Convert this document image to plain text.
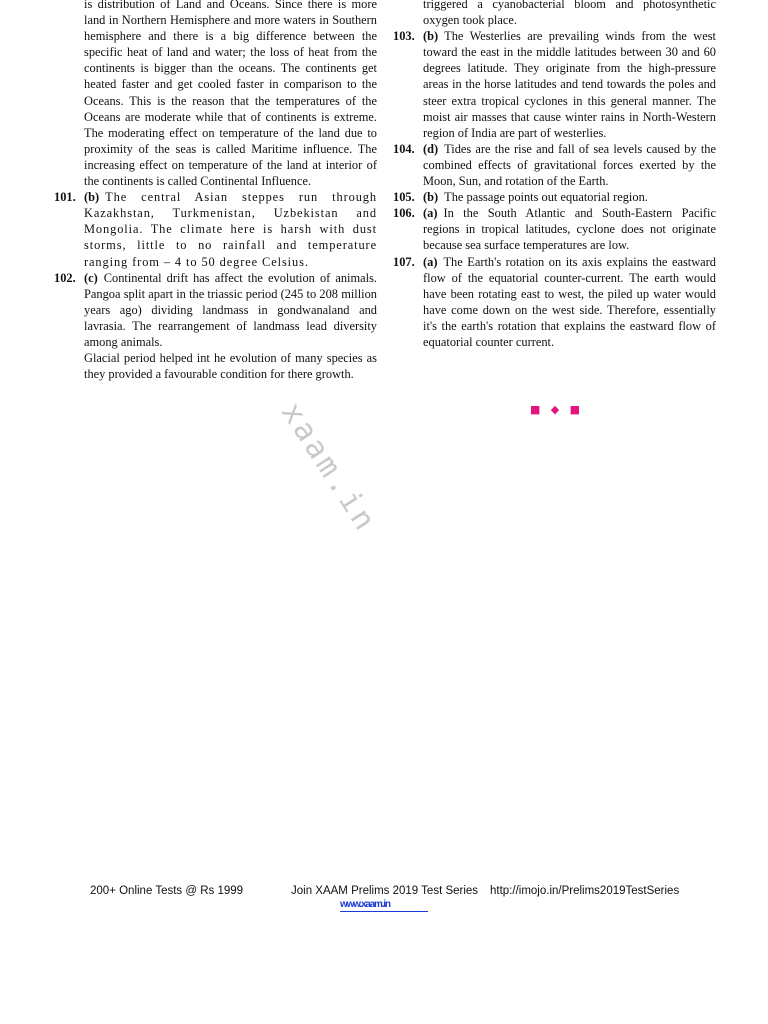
is distribution of Land and Oceans. Since there is more land in Northern Hemisphere and more waters in Southern hemisphere and there is a big difference between the specific heat of land and water; the loss of heat from the continents is bigger than the oceans. The continents get heated faster and get cooled faster in comparison to the Oceans. This is the reason that the temperatures of the Oceans are moderate while that of continents is extreme. The moderating effect on temperature of the land due to proximity of the seas is called Maritime influence. The increasing effect on temperature of the land at interior of the continents is called Continental Influence.
101. (b) The central Asian steppes run through Kazakhstan, Turkmenistan, Uzbekistan and Mongolia. The climate here is harsh with dust storms, little to no rainfall and temperature ranging from – 4 to 50 degree Celsius.
102. (c) Continental drift has affect the evolution of animals. Pangoa split apart in the triassic period (245 to 208 million years ago) dividing landmass in gondwanaland and lavrasia. The rearrangement of landmass lead diversity among animals.
Glacial period helped int he evolution of many species as they provided a favourable condition for there growth.
triggered a cyanobacterial bloom and photosynthetic oxygen took place.
103. (b) The Westerlies are prevailing winds from the west toward the east in the middle latitudes between 30 and 60 degrees latitude. They originate from the high-pressure areas in the horse latitudes and tend towards the poles and steer extra tropical cyclones in this general manner. The moist air masses that cause winter rains in North-Western region of India are part of westerlies.
104. (d) Tides are the rise and fall of sea levels caused by the combined effects of gravitational forces exerted by the Moon, Sun, and rotation of the Earth.
105. (b) The passage points out equatorial region.
106. (a) In the South Atlantic and South-Eastern Pacific regions in tropical latitudes, cyclone does not originate because sea surface temperatures are low.
107. (a) The Earth's rotation on its axis explains the eastward flow of the equatorial counter-current. The earth would have been rotating east to west, the piled up water would have come down on the west side. Therefore, essentially it's the earth's rotation that explains the eastward flow of equatorial counter current.
■ ◆ ■
xaam.in
200+ Online Tests @ Rs 1999	Join XAAM Prelims 2019 Test Series http://imojo.in/Prelims2019TestSeries
www.xaam.in
